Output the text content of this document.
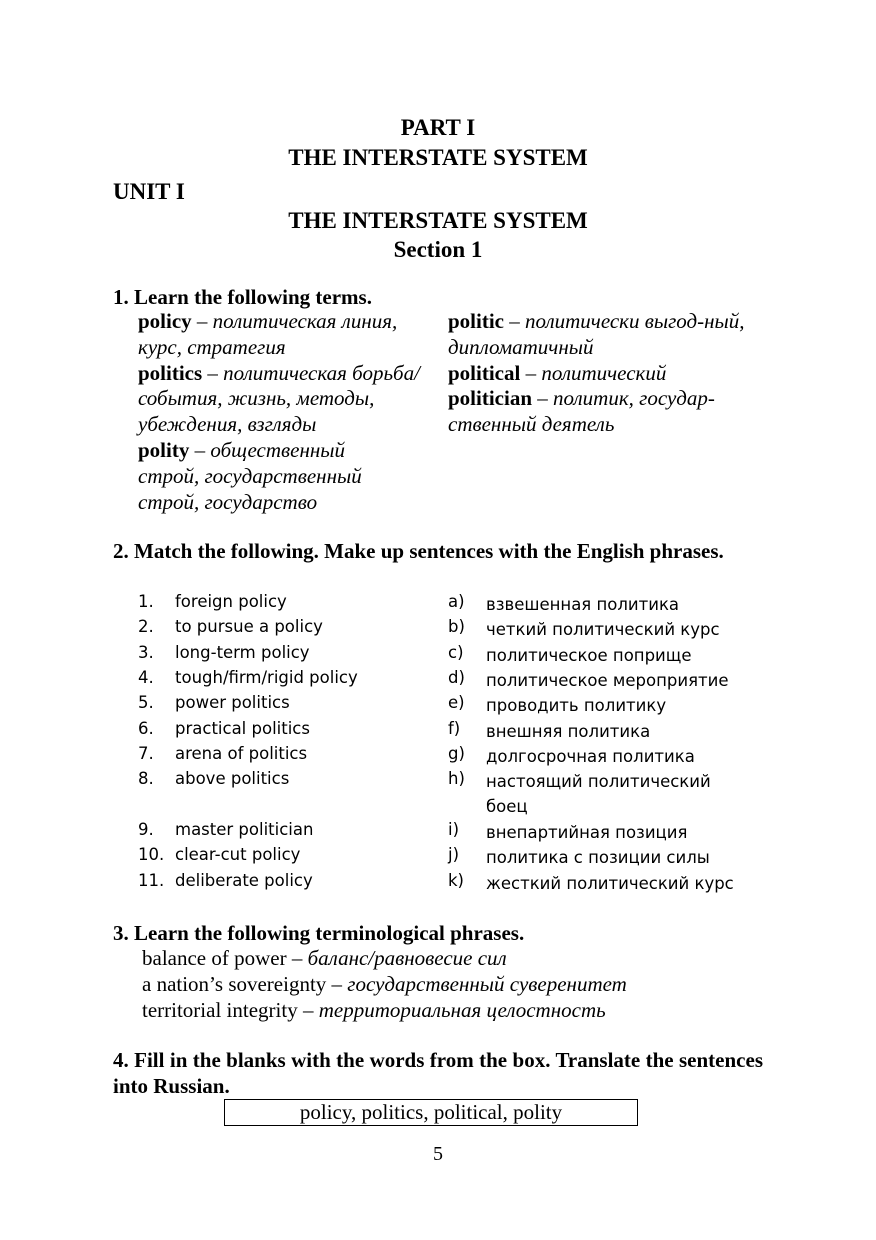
PART I
THE INTERSTATE SYSTEM
UNIT I
THE INTERSTATE SYSTEM
Section 1
1. Learn the following terms.

policy – политическая линия, курс, стратегия

politics – политическая борьба/события, жизнь, методы, убеждения, взгляды

polity – общественный строй, государственный строй, государство

politic – политически выгод-ный, дипломатичный

political – политический

politician – политик, государ-ственный деятель

2. Match the following. Make up sentences with the English phrases.
1. foreign policy	a) взвешенная политика
2. to pursue a policy	b) четкий политический курс
3. long-term policy	c) политическое поприще
4. tough/firm/rigid policy	d) политическое мероприятие
5. power politics	e) проводить политику
6. practical politics	f) внешняя политика
7. arena of politics	g) долгосрочная политика
8. above politics	h) настоящий политический боец
9. master politician	i) внепартийная позиция
10. clear-cut policy	j) политика с позиции силы
11. deliberate policy	k) жесткий политический курс
3. Learn the following terminological phrases.
balance of power – баланс/равновесие сил
a nation’s sovereignty – государственный суверенитет
territorial integrity – территориальная целостность
4. Fill in the blanks with the words from the box. Translate the sentences into Russian.
policy, politics, political, polity
5
